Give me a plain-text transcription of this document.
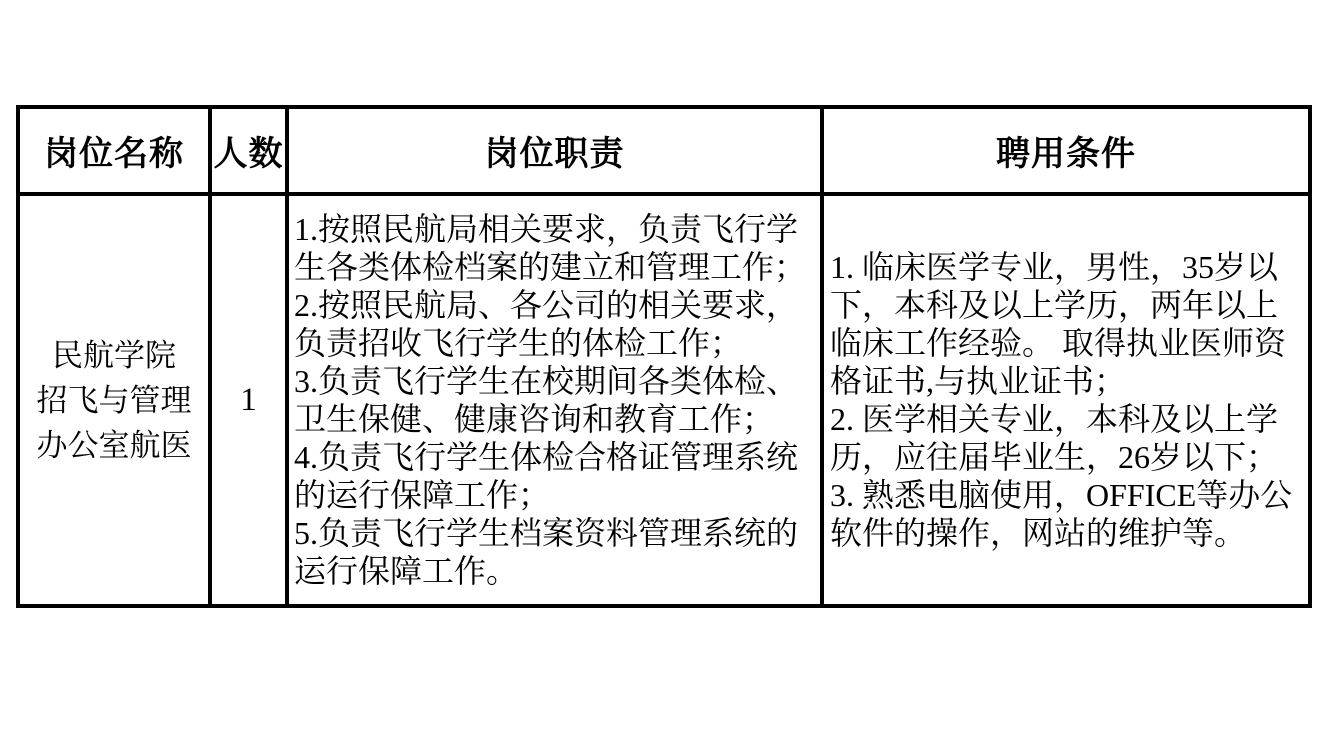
岗位名称 人数	岗位职责	聘用条件
民航学院
招飞与管理
办公室航医
1

1.按照民航局相关要求，负责飞行学生各类体检档案的建立和管理工作；

2.按照民航局、各公司的相关要求，负责招收飞行学生的体检工作；

3.负责飞行学生在校期间各类体检、卫生保健、健康咨询和教育工作；

4.负责飞行学生体检合格证管理系统的运行保障工作；

5.负责飞行学生档案资料管理系统的运行保障工作。

1. 临床医学专业，男性，35岁以下，本科及以上学历，两年以上临床工作经验。 取得执业医师资格证书,与执业证书；

2. 医学相关专业，本科及以上学历，应往届毕业生，26岁以下；

3. 熟悉电脑使用，OFFICE等办公软件的操作，网站的维护等。
